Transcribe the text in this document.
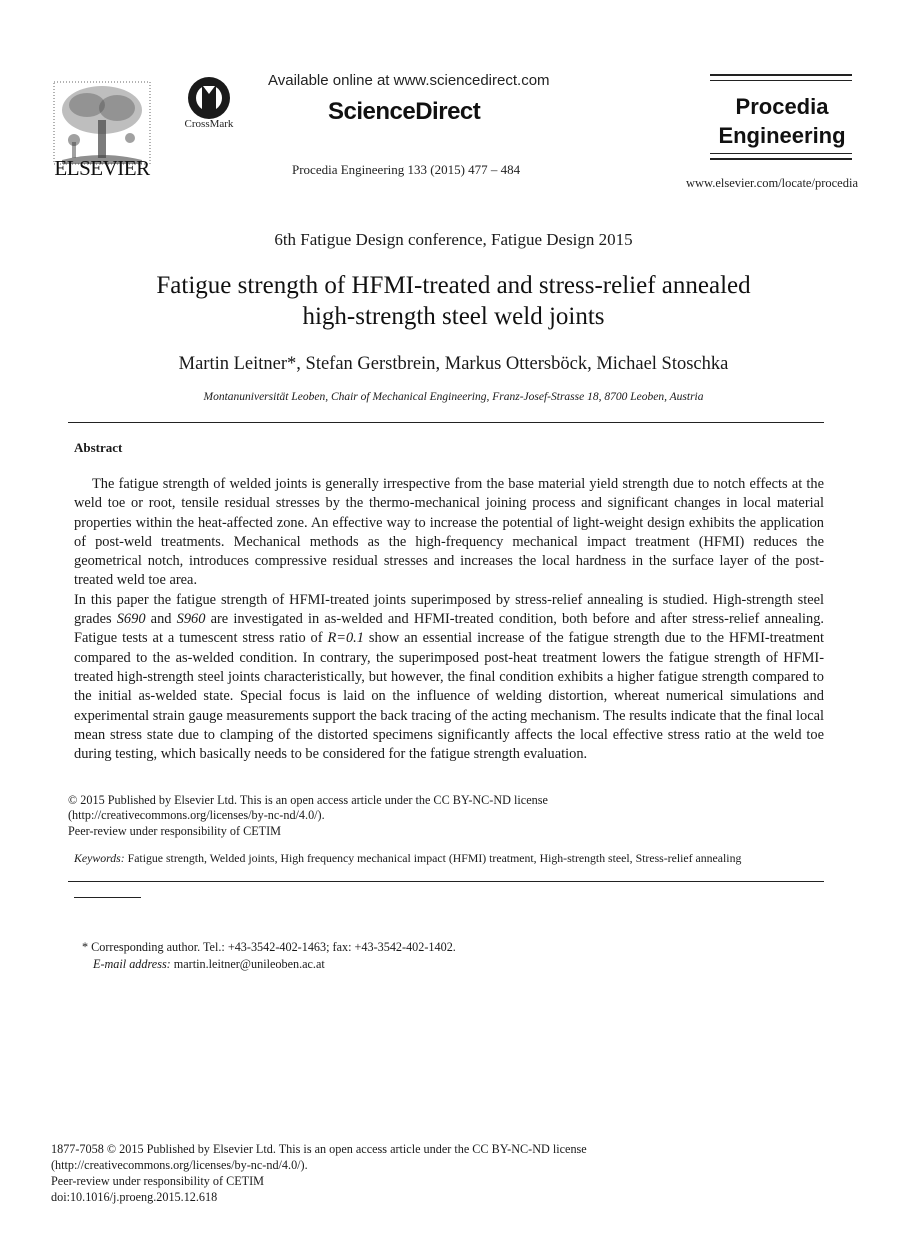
ELSEVIER
CrossMark
Available online at www.sciencedirect.com
ScienceDirect
Procedia Engineering 133 (2015) 477 – 484
Procedia
Engineering
www.elsevier.com/locate/procedia
6th Fatigue Design conference, Fatigue Design 2015
Fatigue strength of HFMI-treated and stress-relief annealed
high-strength steel weld joints
Martin Leitner*, Stefan Gerstbrein, Markus Ottersböck, Michael Stoschka
Montanuniversität Leoben, Chair of Mechanical Engineering, Franz-Josef-Strasse 18, 8700 Leoben, Austria
Abstract

The fatigue strength of welded joints is generally irrespective from the base material yield strength due to notch effects at the weld toe or root, tensile residual stresses by the thermo-mechanical joining process and significant changes in local material properties within the heat-affected zone. An effective way to increase the potential of light-weight design exhibits the application of post-weld treatments. Mechanical methods as the high-frequency mechanical impact treatment (HFMI) reduces the geometrical notch, introduces compressive residual stresses and increases the local hardness in the surface layer of the post-treated weld toe area.

In this paper the fatigue strength of HFMI-treated joints superimposed by stress-relief annealing is studied. High-strength steel grades S690 and S960 are investigated in as-welded and HFMI-treated condition, both before and after stress-relief annealing. Fatigue tests at a tumescent stress ratio of R=0.1 show an essential increase of the fatigue strength due to the HFMI-treatment compared to the as-welded condition. In contrary, the superimposed post-heat treatment lowers the fatigue strength of HFMI-treated high-strength steel joints characteristically, but however, the final condition exhibits a higher fatigue strength compared to the initial as-welded state. Special focus is laid on the influence of welding distortion, whereat numerical simulations and experimental strain gauge measurements support the back tracing of the acting mechanism. The results indicate that the final local mean stress state due to clamping of the distorted specimens significantly affects the local effective stress ratio at the weld toe during testing, which basically needs to be considered for the fatigue strength evaluation.

© 2015 Published by Elsevier Ltd. This is an open access article under the CC BY-NC-ND license
(http://creativecommons.org/licenses/by-nc-nd/4.0/).
Peer-review under responsibility of CETIM
Keywords: Fatigue strength, Welded joints, High frequency mechanical impact (HFMI) treatment, High-strength steel, Stress-relief annealing
* Corresponding author. Tel.: +43-3542-402-1463; fax: +43-3542-402-1402.
E-mail address: martin.leitner@unileoben.ac.at
1877-7058 © 2015 Published by Elsevier Ltd. This is an open access article under the CC BY-NC-ND license
(http://creativecommons.org/licenses/by-nc-nd/4.0/).
Peer-review under responsibility of CETIM
doi:10.1016/j.proeng.2015.12.618
